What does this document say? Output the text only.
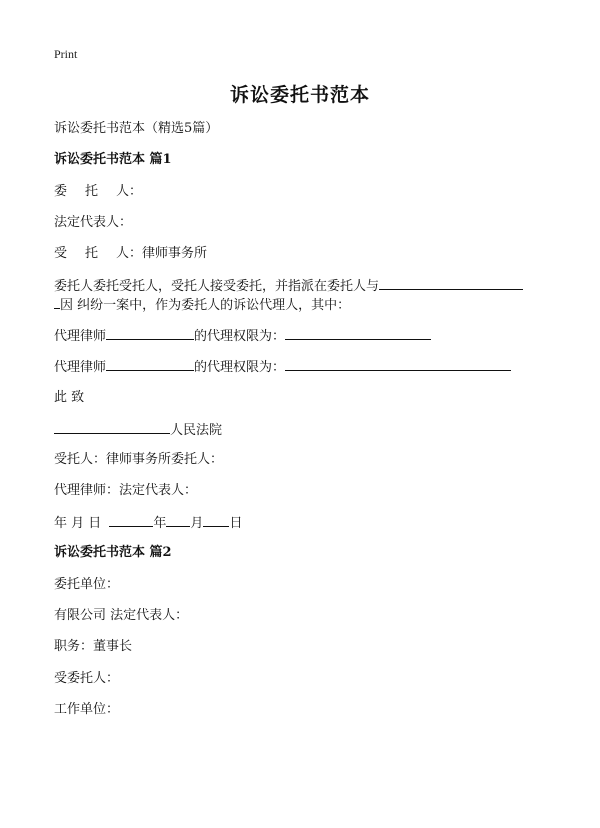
Print
诉讼委托书范本
诉讼委托书范本（精选5篇）
诉讼委托书范本 篇1
委 托 人：
法定代表人：
受 托 人：律师事务所
委托人委托受托人，受托人接受委托，并指派在委托人与
因 纠纷一案中，作为委托人的诉讼代理人，其中：
代理律师	的代理权限为：
代理律师	的代理权限为：
此 致
人民法院
受托人：律师事务所委托人：
代理律师：法定代表人：
年 月 日	年 月 日
诉讼委托书范本 篇2
委托单位：
有限公司 法定代表人：
职务：董事长
受委托人：
工作单位：
